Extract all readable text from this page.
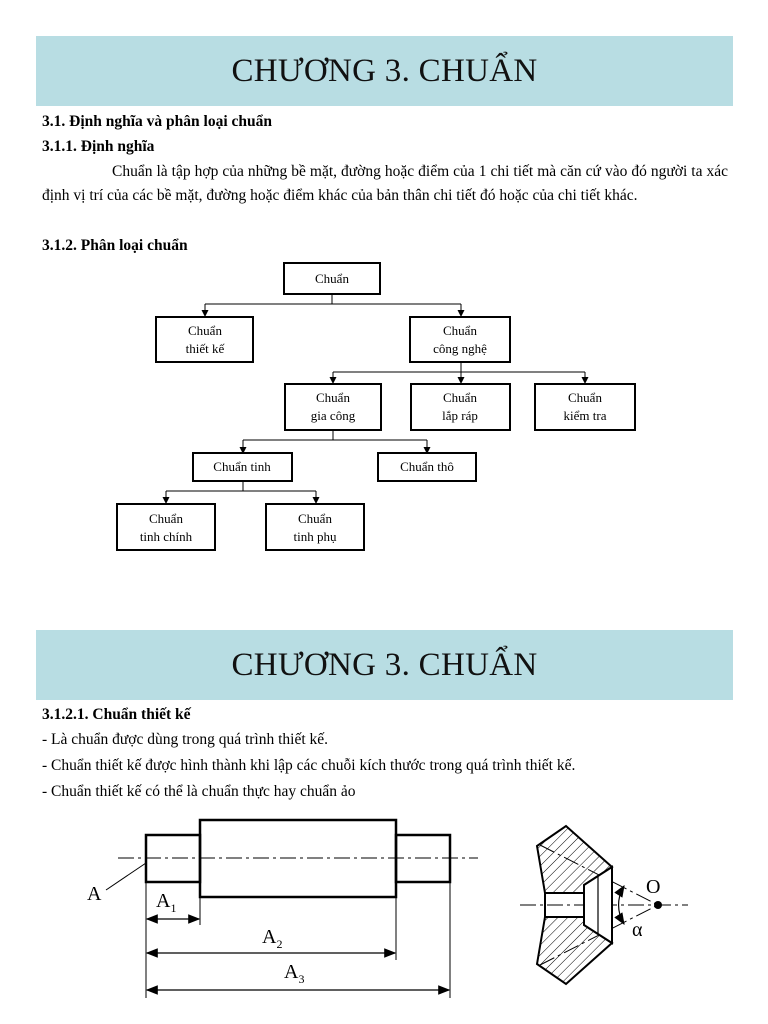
CHƯƠNG 3. CHUẨN
3.1. Định nghĩa và phân loại chuẩn
3.1.1. Định nghĩa
Chuẩn là tập hợp của những bề mặt, đường hoặc điểm của 1 chi tiết mà căn cứ vào đó người ta xác định vị trí của các bề mặt, đường hoặc điểm khác của bản thân chi tiết đó hoặc của chi tiết khác.
3.1.2. Phân loại chuẩn
Chuẩn
Chuẩn
thiết kế
Chuẩn
công nghệ
Chuẩn
gia công
Chuẩn
lắp ráp
Chuẩn
kiểm tra
Chuẩn tinh	Chuẩn thô
Chuẩn
tinh chính
Chuẩn
tinh phụ
CHƯƠNG 3. CHUẨN
3.1.2.1. Chuẩn thiết kế
- Là chuẩn được dùng trong quá trình thiết kế.
- Chuẩn thiết kế được hình thành khi lập các chuỗi kích thước trong quá trình thiết kế.
- Chuẩn thiết kế có thể là chuẩn thực hay chuẩn ảo
A	$A_1$
$A_2$
$A_3$
O
α
